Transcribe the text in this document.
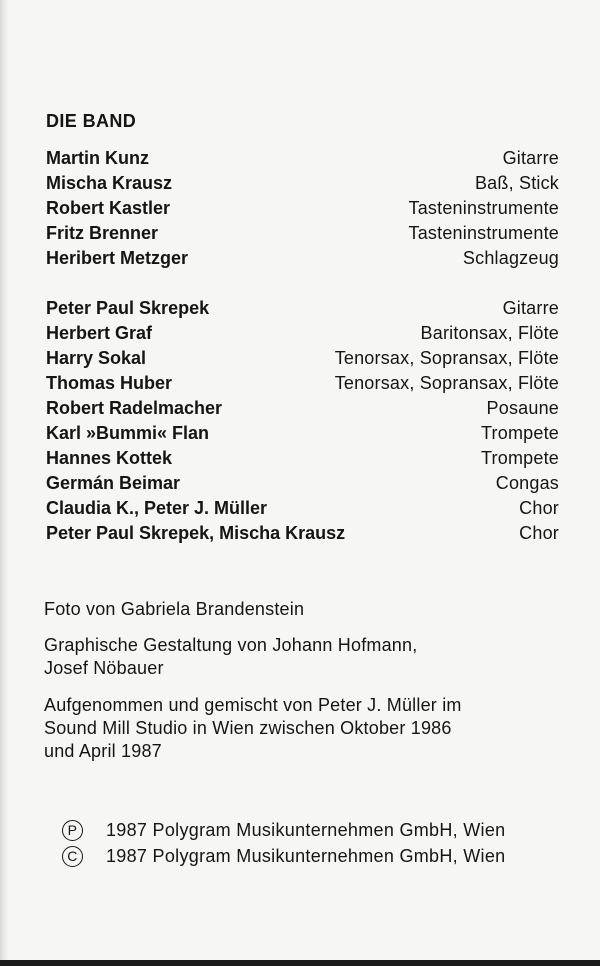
DIE BAND
Martin Kunz	Gitarre
Mischa Krausz	Baß, Stick
Robert Kastler	Tasteninstrumente
Fritz Brenner	Tasteninstrumente
Heribert Metzger	Schlagzeug
Peter Paul Skrepek	Gitarre
Herbert Graf	Baritonsax, Flöte
Harry Sokal	Tenorsax, Sopransax, Flöte
Thomas Huber	Tenorsax, Sopransax, Flöte
Robert Radelmacher	Posaune
Karl »Bummi« Flan	Trompete
Hannes Kottek	Trompete
Germán Beimar	Congas
Claudia K., Peter J. Müller	Chor
Peter Paul Skrepek, Mischa Krausz	Chor

Foto von Gabriela Brandenstein

Graphische Gestaltung von Johann Hofmann,
Josef Nöbauer

Aufgenommen und gemischt von Peter J. Müller im
Sound Mill Studio in Wien zwischen Oktober 1986
und April 1987

P	1987 Polygram Musikunternehmen GmbH, Wien
C 1987 Polygram Musikunternehmen GmbH, Wien
